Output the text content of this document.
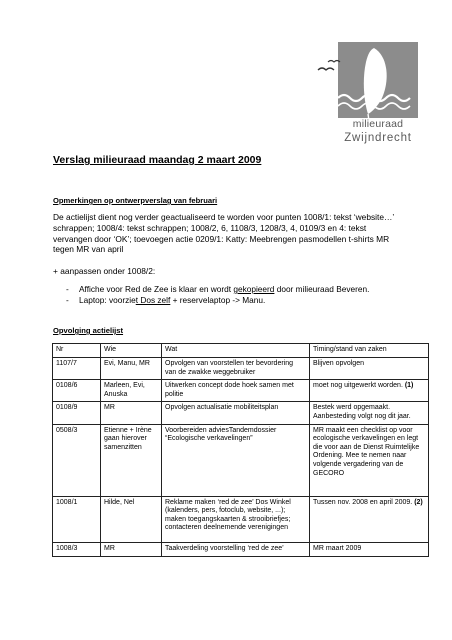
milieuraad
Zwijndrecht
Verslag milieuraad maandag 2 maart 2009
Opmerkingen op ontwerpverslag van februari
De actielijst dient nog verder geactualiseerd te worden voor punten 1008/1: tekst ‘website…’ schrappen; 1008/4: tekst schrappen; 1008/2, 6, 1108/3, 1208/3, 4, 0109/3 en 4: tekst vervangen door ‘OK’; toevoegen actie 0209/1: Katty: Meebrengen pasmodellen t-shirts MR tegen MR van april
+ aanpassen onder 1008/2:
-	Affiche voor Red de Zee is klaar en wordt gekopieerd door milieuraad Beveren.
-	Laptop: voorziet Dos zelf + reservelaptop -> Manu.
Opvolging actielijst
Nr	Wie	Wat	Timing/stand van zaken
1107/7	Evi, Manu, MR	Opvolgen van voorstellen ter bevordering van de zwakke weggebruiker	Blijven opvolgen
0108/6	Marleen, Evi, Anuska	Uitwerken concept dode hoek samen met politie	moet nog uitgewerkt worden. (1)
0108/9	MR	Opvolgen actualisatie mobiliteitsplan	Bestek werd opgemaakt. Aanbesteding volgt nog dit jaar.
0508/3	Etienne + Irène gaan hierover samenzitten	Voorbereiden adviesTandemdossier “Ecologische verkavelingen”	MR maakt een checklist op voor ecologische verkavelingen en legt die voor aan de Dienst Ruimtelijke Ordening. Mee te nemen naar volgende vergadering van de GECORO
1008/1	Hilde, Nel	Reklame maken ‘red de zee’ Dos Winkel (kalenders, pers, fotoclub, website, ...); maken toegangskaarten & strooibriefjes; contacteren deelnemende verenigingen	Tussen nov. 2008 en april 2009. (2)
1008/3	MR	Taakverdeling voorstelling ‘red de zee’	MR maart 2009
